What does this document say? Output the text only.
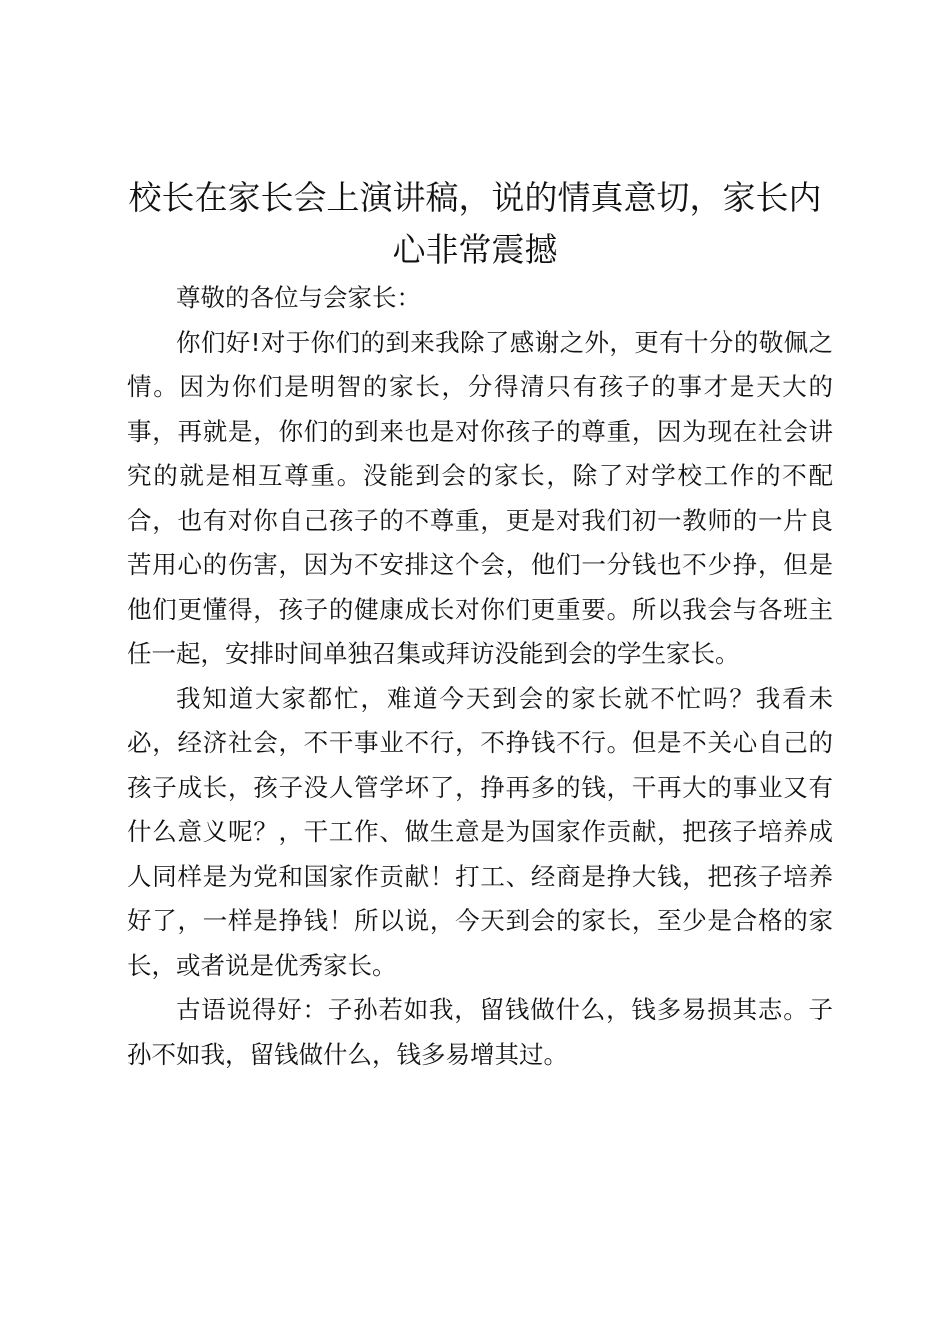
校长在家长会上演讲稿，说的情真意切，家长内心非常震撼

尊敬的各位与会家长：

你们好!对于你们的到来我除了感谢之外，更有十分的敬佩之情。因为你们是明智的家长，分得清只有孩子的事才是天大的事，再就是，你们的到来也是对你孩子的尊重，因为现在社会讲究的就是相互尊重。没能到会的家长，除了对学校工作的不配合，也有对你自己孩子的不尊重，更是对我们初一教师的一片良苦用心的伤害，因为不安排这个会，他们一分钱也不少挣，但是他们更懂得，孩子的健康成长对你们更重要。所以我会与各班主任一起，安排时间单独召集或拜访没能到会的学生家长。

我知道大家都忙，难道今天到会的家长就不忙吗？我看未必，经济社会，不干事业不行，不挣钱不行。但是不关心自己的孩子成长，孩子没人管学坏了，挣再多的钱，干再大的事业又有什么意义呢？，干工作、做生意是为国家作贡献，把孩子培养成人同样是为党和国家作贡献！打工、经商是挣大钱，把孩子培养好了，一样是挣钱！所以说，今天到会的家长，至少是合格的家长，或者说是优秀家长。

古语说得好：子孙若如我，留钱做什么，钱多易损其志。子孙不如我，留钱做什么，钱多易增其过。
